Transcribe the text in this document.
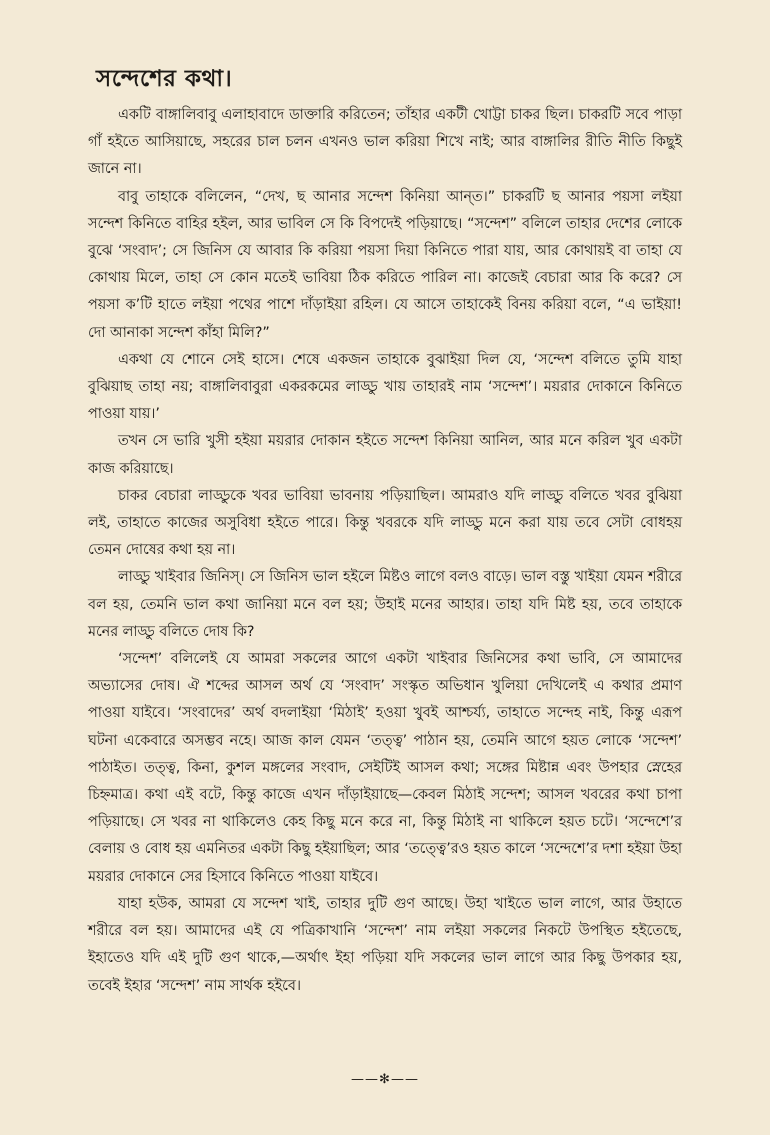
সন্দেশের কথা।

একটি বাঙ্গালিবাবু এলাহাবাদে ডাক্তারি করিতেন; তাঁহার একটী খোট্টা চাকর ছিল। চাকরটি সবে পাড়া গাঁ হইতে আসিয়াছে, সহরের চাল চলন এখনও ভাল করিয়া শিখে নাই; আর বাঙ্গালির রীতি নীতি কিছুই জানে না।

বাবু তাহাকে বলিলেন, “দেখ, ছ আনার সন্দেশ কিনিয়া আন্‌ত।” চাকরটি ছ আনার পয়সা লইয়া সন্দেশ কিনিতে বাহির হইল, আর ভাবিল সে কি বিপদেই পড়িয়াছে। “সন্দেশ” বলিলে তাহার দেশের লোকে বুঝে ‘সংবাদ’; সে জিনিস যে আবার কি করিয়া পয়সা দিয়া কিনিতে পারা যায়, আর কোথায়ই বা তাহা যে কোথায় মিলে, তাহা সে কোন মতেই ভাবিয়া ঠিক করিতে পারিল না। কাজেই বেচারা আর কি করে? সে পয়সা ক’টি হাতে লইয়া পথের পাশে দাঁড়াইয়া রহিল। যে আসে তাহাকেই বিনয় করিয়া বলে, “এ ভাইয়া! দো আনাকা সন্দেশ কাঁহা মিলি?”

একথা যে শোনে সেই হাসে। শেষে একজন তাহাকে বুঝাইয়া দিল যে, ‘সন্দেশ বলিতে তুমি যাহা বুঝিয়াছ তাহা নয়; বাঙ্গালিবাবুরা একরকমের লাড্ডু খায় তাহারই নাম ‘সন্দেশ’। ময়রার দোকানে কিনিতে পাওয়া যায়।’

তখন সে ভারি খুসী হইয়া ময়রার দোকান হইতে সন্দেশ কিনিয়া আনিল, আর মনে করিল খুব একটা কাজ করিয়াছে।

চাকর বেচারা লাড্ডুকে খবর ভাবিয়া ভাবনায় পড়িয়াছিল। আমরাও যদি লাড্ডু বলিতে খবর বুঝিয়া লই, তাহাতে কাজের অসুবিধা হইতে পারে। কিন্তু খবরকে যদি লাড্ডু মনে করা যায় তবে সেটা বোধহয় তেমন দোষের কথা হয় না।

লাড্ডু খাইবার জিনিস্‌। সে জিনিস ভাল হইলে মিষ্টও লাগে বলও বাড়ে। ভাল বস্তু খাইয়া যেমন শরীরে বল হয়, তেমনি ভাল কথা জানিয়া মনে বল হয়; উহাই মনের আহার। তাহা যদি মিষ্ট হয়, তবে তাহাকে মনের লাড্ডু বলিতে দোষ কি?

‘সন্দেশ’ বলিলেই যে আমরা সকলের আগে একটা খাইবার জিনিসের কথা ভাবি, সে আমাদের অভ্যাসের দোষ। ঐ শব্দের আসল অর্থ যে ‘সংবাদ’ সংস্কৃত অভিধান খুলিয়া দেখিলেই এ কথার প্রমাণ পাওয়া যাইবে। ‘সংবাদের’ অর্থ বদলাইয়া ‘মিঠাই’ হওয়া খুবই আশ্চর্য্য, তাহাতে সন্দেহ নাই, কিন্তু এরূপ ঘটনা একেবারে অসম্ভব নহে। আজ কাল যেমন ‘তত্ত্ব’ পাঠান হয়, তেমনি আগে হয়ত লোকে ‘সন্দেশ’ পাঠাইত। তত্ত্ব, কিনা, কুশল মঙ্গলের সংবাদ, সেইটিই আসল কথা; সঙ্গের মিষ্টান্ন এবং উপহার স্নেহের চিহ্নমাত্র। কথা এই বটে, কিন্তু কাজে এখন দাঁড়াইয়াছে—কেবল মিঠাই সন্দেশ; আসল খবরের কথা চাপা পড়িয়াছে। সে খবর না থাকিলেও কেহ কিছু মনে করে না, কিন্তু মিঠাই না থাকিলে হয়ত চটে। ‘সন্দেশে’র বেলায় ও বোধ হয় এমনিতর একটা কিছু হইয়াছিল; আর ‘তত্ত্বে’রও হয়ত কালে ‘সন্দেশে’র দশা হইয়া উহা ময়রার দোকানে সের হিসাবে কিনিতে পাওয়া যাইবে।

যাহা হউক, আমরা যে সন্দেশ খাই, তাহার দুটি গুণ আছে। উহা খাইতে ভাল লাগে, আর উহাতে শরীরে বল হয়। আমাদের এই যে পত্রিকাখানি ‘সন্দেশ’ নাম লইয়া সকলের নিকটে উপস্থিত হইতেছে, ইহাতেও যদি এই দুটি গুণ থাকে,—অর্থাৎ ইহা পড়িয়া যদি সকলের ভাল লাগে আর কিছু উপকার হয়, তবেই ইহার ‘সন্দেশ’ নাম সার্থক হইবে।

——✻——
